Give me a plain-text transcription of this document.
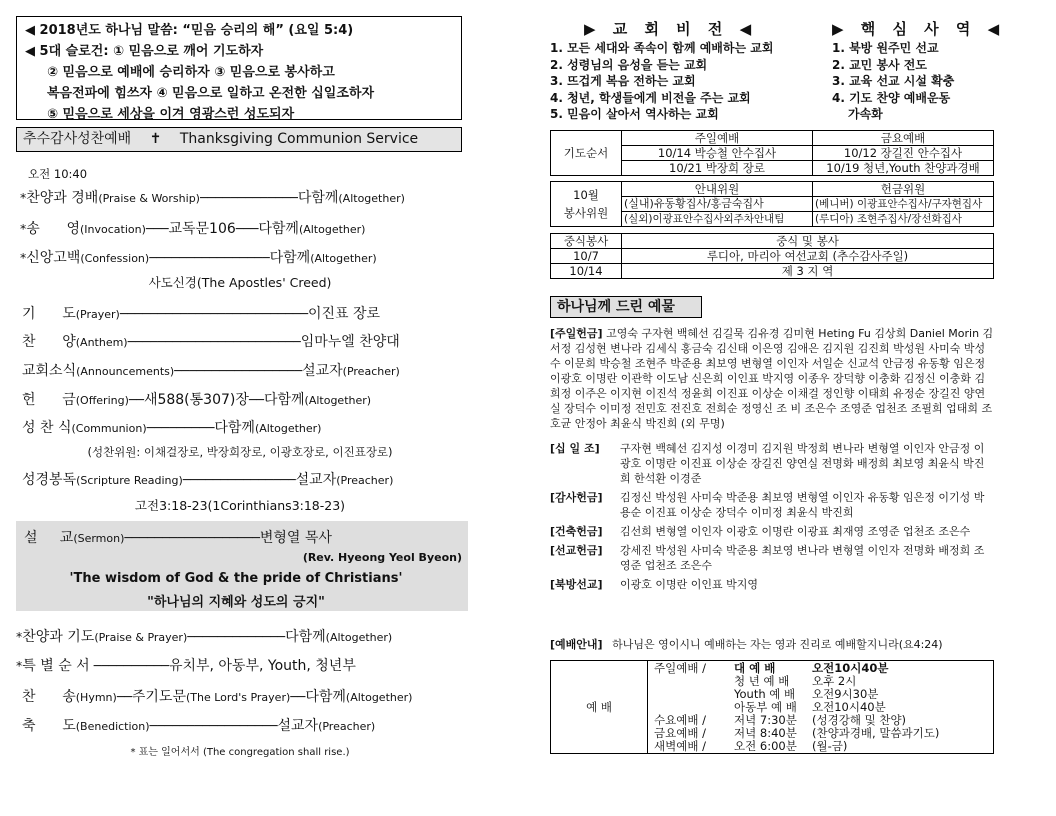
◀ 2018년도 하나님 말씀: “믿음 승리의 해” (요일 5:4)
◀ 5대 슬로건: ① 믿음으로 깨어 기도하자
② 믿음으로 예배에 승리하자 ③ 믿음으로 봉사하고
복음전파에 힘쓰자 ④ 믿음으로 일하고 온전한 십일조하자
⑤ 믿음으로 세상을 이겨 영광스런 성도되자
추수감사성찬예배 ✝ Thanksgiving Communion Service
오전 10:40
*찬양과 경배(Praise & Worship)─────────────다함께(Altogether)
*송      영(Invocation)───교독문106───다함께(Altogether)
*신앙고백(Confession)────────────────다함께(Altogether)
사도신경(The Apostles' Creed)
기      도(Prayer)─────────────────────────이진표 장로
찬      양(Anthem)───────────────────────임마누엘 찬양대
교회소식(Announcements)─────────────────설교자(Preacher)
헌      금(Offering)──새588(통307)장──다함께(Altogether)
성 찬 식(Communion)─────────다함께(Altogether)
(성찬위원: 이채걸장로, 박장희장로, 이광호장로, 이진표장로)
성경봉독(Scripture Reading)───────────────설교자(Preacher)
고전3:18-23(1Corinthians3:18-23)
설     교(Sermon)──────────────────변형열 목사
(Rev. Hyeong Yeol Byeon)
'The wisdom of God & the pride of Christians'
"하나님의 지혜와 성도의 긍지"
*찬양과 기도(Praise & Prayer)─────────────다함께(Altogether)
*특 별 순 서 ──────────유치부, 아동부, Youth, 청년부
찬      송(Hymn)──주기도문(The Lord's Prayer)──다함께(Altogether)
축      도(Benediction)─────────────────설교자(Preacher)
* 표는 일어서서 (The congregation shall rise.)
▶ 교 회 비 전 ◀
1. 모든 세대와 족속이 함께 예배하는 교회
2. 성령님의 음성을 듣는 교회
3. 뜨겁게 복음 전하는 교회
4. 청년, 학생들에게 비전을 주는 교회
5. 믿음이 살아서 역사하는 교회
▶ 핵 심 사 역 ◀
1. 북방 원주민 선교
2. 교민 봉사 전도
3. 교육 선교 시설 확충
4. 기도 찬양 예배운동
가속화
기도순서	주일예배	금요예배
	10/14 박승철 안수집사	10/12 장길진 안수집사
	10/21 박장희 장로	10/19 청년,Youth 찬양과경배
10월
봉사위원	안내위원	헌금위원
	(실내)유동황집사/홍금숙집사	(베니버) 이광표안수집사/구자현집사
	(실외)이광표안수집사외주차안내팀	(루디아) 조현주집사/장선화집사
중식봉사	중식 및 봉사
10/7	루디아, 마리아 여선교회 (추수감사주일)
10/14	제 3 지 역
하나님께 드린 예물
[주일헌금] 고영숙 구자현 백혜선 김길묵 김유경 김미현 Heting Fu 김상희 Daniel Morin 김서정 김성현 변나라 김세식 홍금숙 김신태 이은영 김애은 김지원 김진희 박성원 사미숙 박성수 이문희 박승철 조현주 박준용 최보영 변형열 이인자 서일순 신교석 안금정 유동황 임은정 이광호 이명란 이관학 이도남 신은희 이인표 박지영 이종우 장덕향 이충화 김정신 이충화 김희정 이주은 이지현 이진석 정윤희 이진표 이상순 이채걸 정인향 이태희 유정순 장길진 양연실 장덕수 이미정 전민호 전진호 전희순 정영신 조 비 조은수 조영준 업천조 조필희 업태희 조호균 안정아 최윤식 박진희 (외 무명)
[십 일 조] 구자현 백혜선 김지성 이경미 김지원 박정희 변나라 변형열 이인자 안금정 이광호 이명란 이진표 이상순 장길진 양연실 전명화 배정희 최보영 최윤식 박진희 한석환 이경준
[감사헌금] 김정신 박성원 사미숙 박준용 최보영 변형열 이인자 유동황 임은정 이기성 박용순 이진표 이상순 장덕수 이미정 최윤식 박진희
[건축헌금] 김선희 변형열 이인자 이광호 이명란 이광표 최재영 조영준 업천조 조은수
[선교헌금] 강세진 박성원 사미숙 박준용 최보영 변나라 변형열 이인자 전명화 배정희 조영준 업천조 조은수
[북방선교] 이광호 이명란 이인표 박지영
[예배안내] 하나님은 영이시니 예배하는 자는 영과 진리로 예배할지니라(요4:24)
예 배	주일예배 / 대 예 배	오전10시40분
청 년 예 배 오후 2시
Youth 예 배 오전9시30분
아동부 예 배 오전10시40분
수요예배 / 저녁 7:30분 (성경강해 및 찬양)
금요예배 / 저녁 8:40분 (찬양과경배, 말씀과기도)
새벽예배 / 오전 6:00분 (월-금)
